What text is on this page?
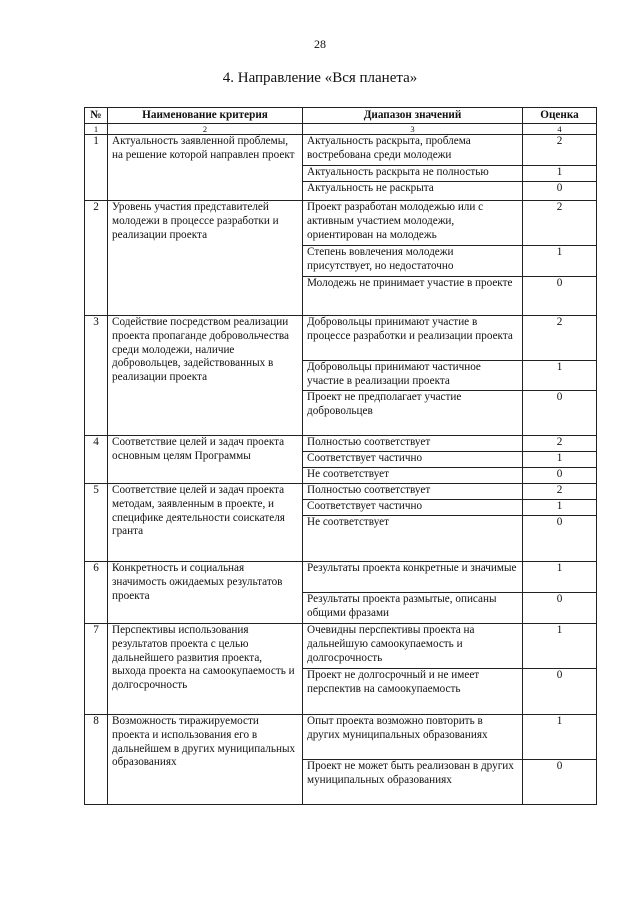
28
4. Направление «Вся планета»
№	Наименование критерия	Диапазон значений	Оценка
1	2	3	4
1	Актуальность заявленной проблемы, на решение которой направлен проект	Актуальность раскрыта, проблема востребована среди молодежи	2
		Актуальность раскрыта не полностью	1
		Актуальность не раскрыта	0
2	Уровень участия представителей молодежи в процессе разработки и реализации проекта	Проект разработан молодежью или с активным участием молодежи, ориентирован на молодежь	2
		Степень вовлечения молодежи присутствует, но недостаточно	1
		Молодежь не принимает участие в проекте	0
3	Содействие посредством реализации проекта пропаганде добровольчества среди молодежи, наличие добровольцев, задействованных в реализации проекта	Добровольцы принимают участие в процессе разработки и реализации проекта	2
		Добровольцы принимают частичное участие в реализации проекта	1
		Проект не предполагает участие добровольцев	0
4	Соответствие целей и задач проекта основным целям Программы	Полностью соответствует	2
		Соответствует частично	1
		Не соответствует	0
5	Соответствие целей и задач проекта методам, заявленным в проекте, и специфике деятельности соискателя гранта	Полностью соответствует	2
		Соответствует частично	1
		Не соответствует	0
6	Конкретность и социальная значимость ожидаемых результатов проекта	Результаты проекта конкретные и значимые	1
		Результаты проекта размытые, описаны общими фразами	0
7	Перспективы использования результатов проекта с целью дальнейшего развития проекта, выхода проекта на самоокупаемость и долгосрочность	Очевидны перспективы проекта на дальнейшую самоокупаемость и долгосрочность	1
		Проект не долгосрочный и не имеет перспектив на самоокупаемость	0
8	Возможность тиражируемости проекта и использования его в дальнейшем в других муниципальных образованиях	Опыт проекта возможно повторить в других муниципальных образованиях	1
		Проект не может быть реализован в других муниципальных образованиях	0
